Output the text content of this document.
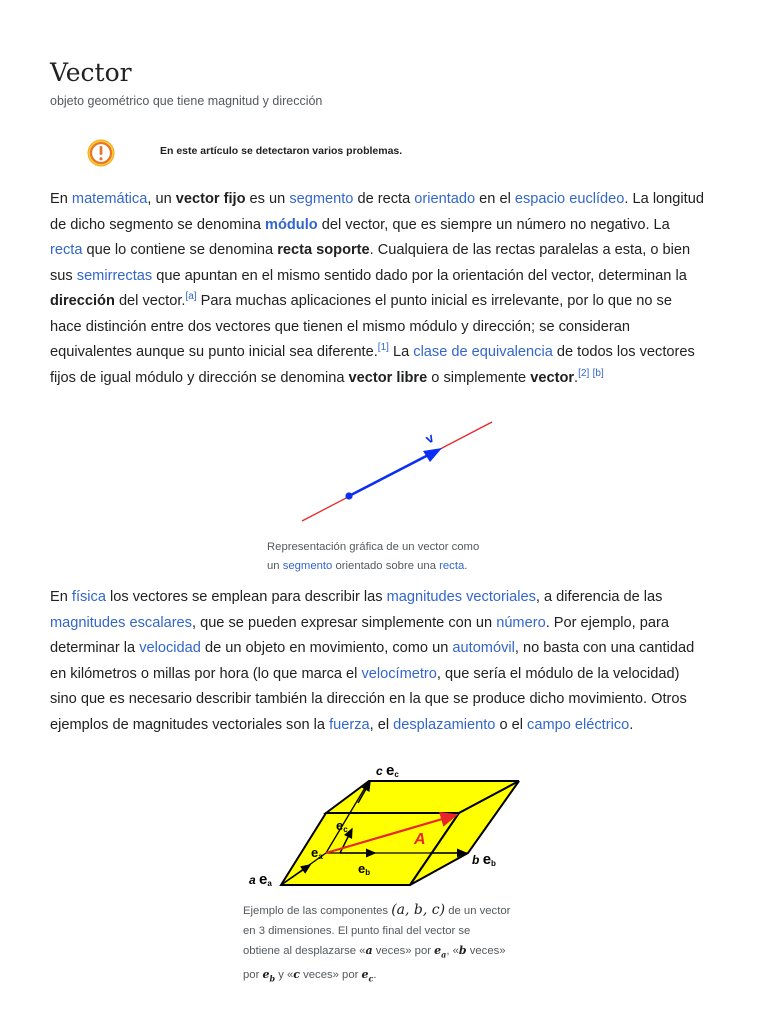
Vector
objeto geométrico que tiene magnitud y dirección
En este artículo se detectaron varios problemas.
En matemática, un vector fijo es un segmento de recta orientado en el espacio euclídeo. La longitud
de dicho segmento se denomina módulo del vector, que es siempre un número no negativo. La
recta que lo contiene se denomina recta soporte. Cualquiera de las rectas paralelas a esta, o bien
sus semirrectas que apuntan en el mismo sentido dado por la orientación del vector, determinan la
dirección del vector.[a] Para muchas aplicaciones el punto inicial es irrelevante, por lo que no se
hace distinción entre dos vectores que tienen el mismo módulo y dirección; se consideran
equivalentes aunque su punto inicial sea diferente.[1] La clase de equivalencia de todos los vectores
fijos de igual módulo y dirección se denomina vector libre o simplemente vector.[2] [b]
v
Representación gráfica de un vector como
un segmento orientado sobre una recta.
En física los vectores se emplean para describir las magnitudes vectoriales, a diferencia de las
magnitudes escalares, que se pueden expresar simplemente con un número. Por ejemplo, para
determinar la velocidad de un objeto en movimiento, como un automóvil, no basta con una cantidad
en kilómetros o millas por hora (lo que marca el velocímetro, que sería el módulo de la velocidad)
sino que es necesario describir también la dirección en la que se produce dicho movimiento. Otros
ejemplos de magnitudes vectoriales son la fuerza, el desplazamiento o el campo eléctrico.
c ec
ec
ea
eb
A
a ea
b eb
Ejemplo de las componentes (a, b, c) de un vector
en 3 dimensiones. El punto final del vector se
obtiene al desplazarse «a veces» por $e_a$, «b veces»
por $e_b$ y «c veces» por $e_c$.
